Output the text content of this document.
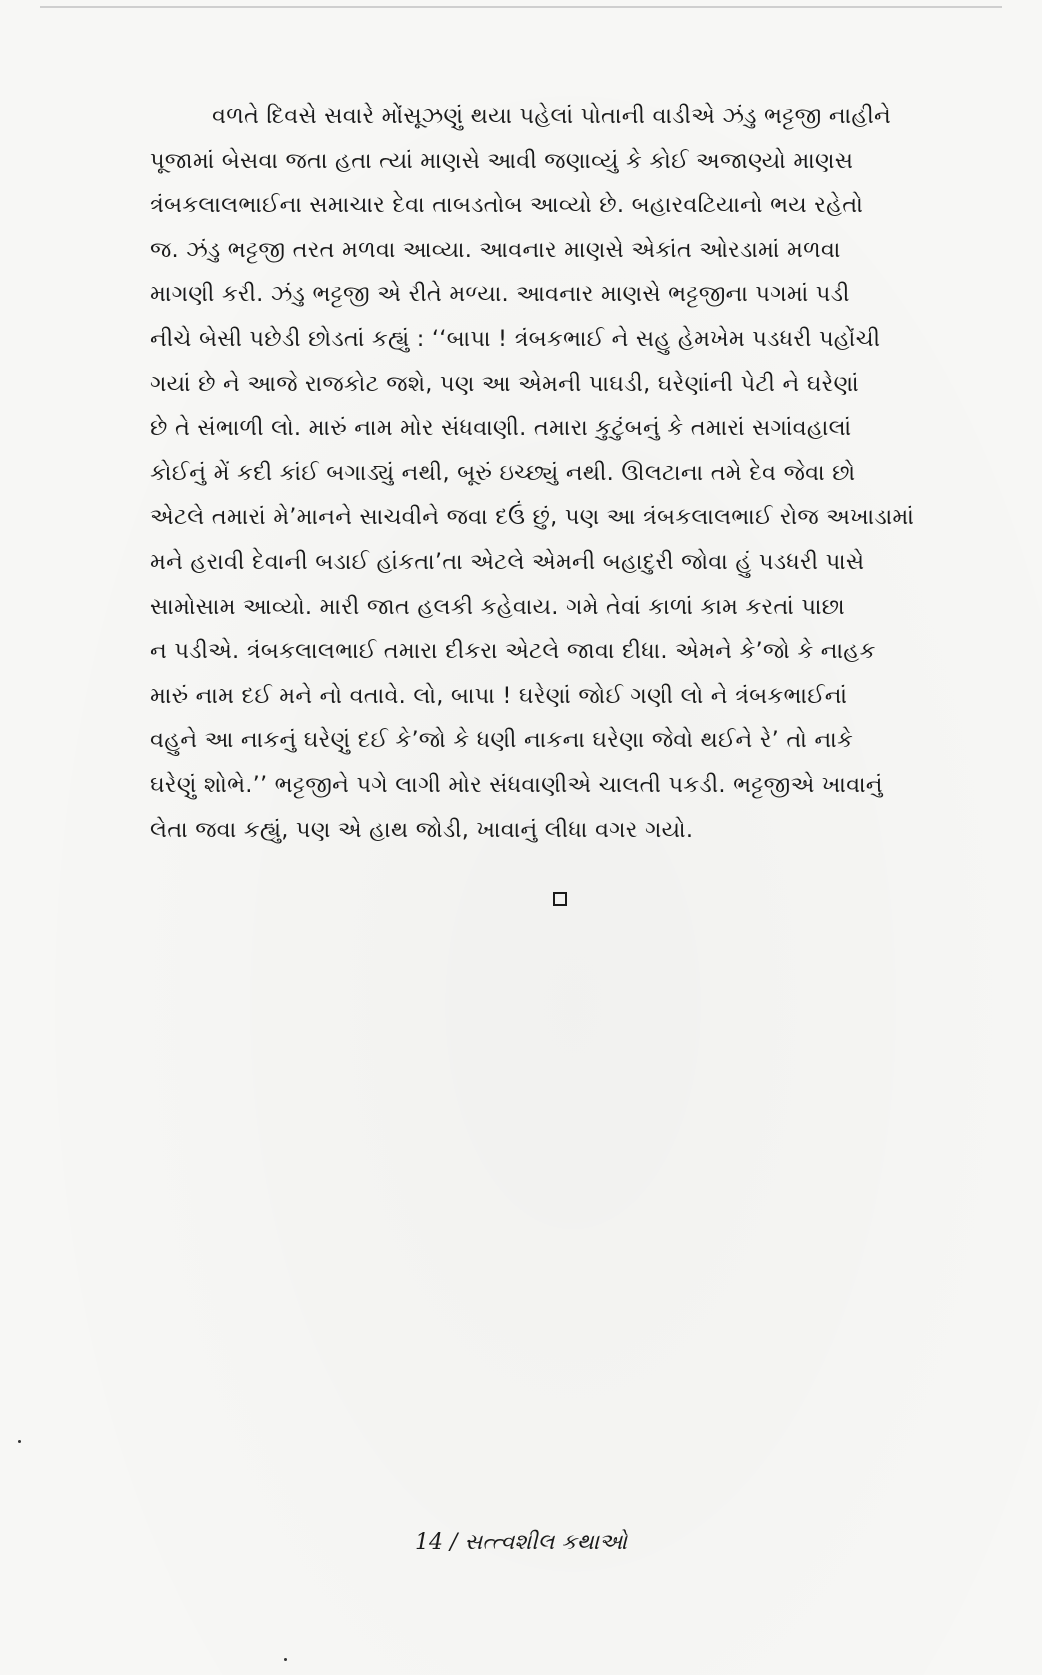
વળતે દિવસે સવારે મોંસૂઝણું થયા પહેલાં પોતાની વાડીએ ઝંડુ ભટ્ટજી નાહીને
પૂજામાં બેસવા જતા હતા ત્યાં માણસે આવી જણાવ્યું કે કોઈ અજાણ્યો માણસ
ત્રંબકલાલભાઈના સમાચાર દેવા તાબડતોબ આવ્યો છે. બહારવટિયાનો ભય રહેતો
જ. ઝંડુ ભટ્ટજી તરત મળવા આવ્યા. આવનાર માણસે એકાંત ઓરડામાં મળવા
માગણી કરી. ઝંડુ ભટ્ટજી એ રીતે મળ્યા. આવનાર માણસે ભટ્ટજીના પગમાં પડી
નીચે બેસી પછેડી છોડતાં કહ્યું : ‘‘બાપા ! ત્રંબકભાઈ ને સહુ હેમખેમ પડધરી પહોંચી
ગયાં છે ને આજે રાજકોટ જશે, પણ આ એમની પાઘડી, ઘરેણાંની પેટી ને ઘરેણાં
છે તે સંભાળી લો. મારું નામ મોર સંધવાણી. તમારા કુટુંબનું કે તમારાં સગાંવહાલાં
કોઈનું મેં કદી કાંઈ બગાડ્યું નથી, બૂરું ઇચ્છ્યું નથી. ઊલટાના તમે દેવ જેવા છો
એટલે તમારાં મે’માનને સાચવીને જવા દઉં છું, પણ આ ત્રંબકલાલભાઈ રોજ અખાડામાં
મને હરાવી દેવાની બડાઈ હાંકતા’તા એટલે એમની બહાદુરી જોવા હું પડધરી પાસે
સામોસામ આવ્યો. મારી જાત હલકી કહેવાય. ગમે તેવાં કાળાં કામ કરતાં પાછા
ન પડીએ. ત્રંબકલાલભાઈ તમારા દીકરા એટલે જાવા દીધા. એમને કે’જો કે નાહક
મારું નામ દઈ મને નો વતાવે. લો, બાપા ! ઘરેણાં જોઈ ગણી લો ને ત્રંબકભાઈનાં
વહુને આ નાકનું ઘરેણું દઈ કે’જો કે ધણી નાકના ઘરેણા જેવો થઈને રે’ તો નાકે
ઘરેણું શોભે.’’ ભટ્ટજીને પગે લાગી મોર સંધવાણીએ ચાલતી પકડી. ભટ્ટજીએ ખાવાનું
લેતા જવા કહ્યું, પણ એ હાથ જોડી, ખાવાનું લીધા વગર ગયો.
14 / સત્ત્વશીલ કથાઓ
